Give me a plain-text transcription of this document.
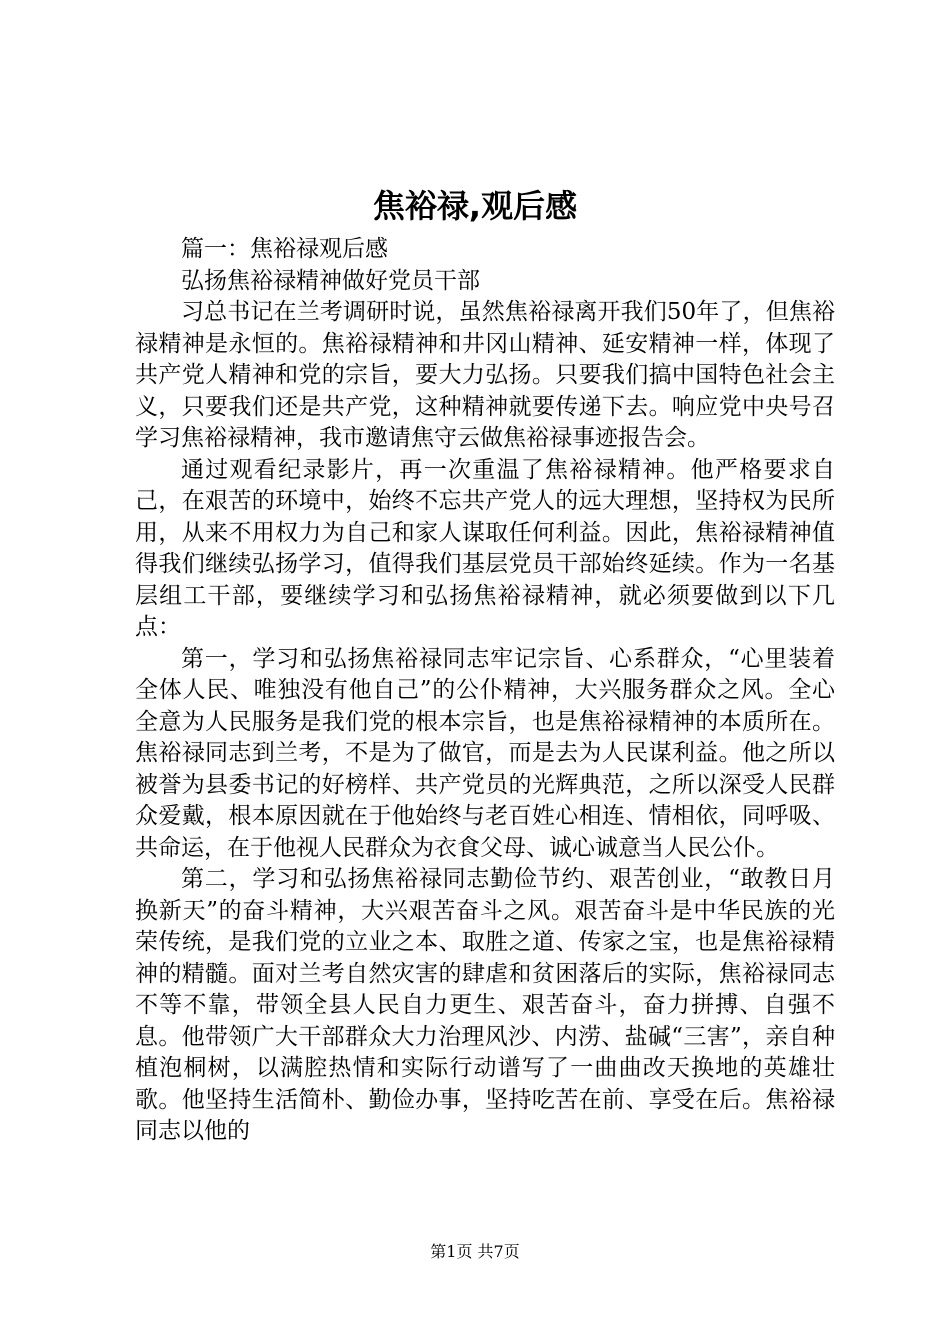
焦裕禄,观后感

篇一：焦裕禄观后感

弘扬焦裕禄精神做好党员干部

习总书记在兰考调研时说，虽然焦裕禄离开我们50年了，但焦裕禄精神是永恒的。焦裕禄精神和井冈山精神、延安精神一样，体现了共产党人精神和党的宗旨，要大力弘扬。只要我们搞中国特色社会主义，只要我们还是共产党，这种精神就要传递下去。响应党中央号召学习焦裕禄精神，我市邀请焦守云做焦裕禄事迹报告会。

通过观看纪录影片，再一次重温了焦裕禄精神。他严格要求自己，在艰苦的环境中，始终不忘共产党人的远大理想，坚持权为民所用，从来不用权力为自己和家人谋取任何利益。因此，焦裕禄精神值得我们继续弘扬学习，值得我们基层党员干部始终延续。作为一名基层组工干部，要继续学习和弘扬焦裕禄精神，就必须要做到以下几点：

第一，学习和弘扬焦裕禄同志牢记宗旨、心系群众，“心里装着全体人民、唯独没有他自己”的公仆精神，大兴服务群众之风。全心全意为人民服务是我们党的根本宗旨，也是焦裕禄精神的本质所在。焦裕禄同志到兰考，不是为了做官，而是去为人民谋利益。他之所以被誉为县委书记的好榜样、共产党员的光辉典范，之所以深受人民群众爱戴，根本原因就在于他始终与老百姓心相连、情相依，同呼吸、共命运，在于他视人民群众为衣食父母、诚心诚意当人民公仆。

第二，学习和弘扬焦裕禄同志勤俭节约、艰苦创业，“敢教日月换新天”的奋斗精神，大兴艰苦奋斗之风。艰苦奋斗是中华民族的光荣传统，是我们党的立业之本、取胜之道、传家之宝，也是焦裕禄精神的精髓。面对兰考自然灾害的肆虐和贫困落后的实际，焦裕禄同志不等不靠，带领全县人民自力更生、艰苦奋斗，奋力拼搏、自强不息。他带领广大干部群众大力治理风沙、内涝、盐碱“三害”，亲自种植泡桐树，以满腔热情和实际行动谱写了一曲曲改天换地的英雄壮歌。他坚持生活简朴、勤俭办事，坚持吃苦在前、享受在后。焦裕禄同志以他的

第1页 共7页
